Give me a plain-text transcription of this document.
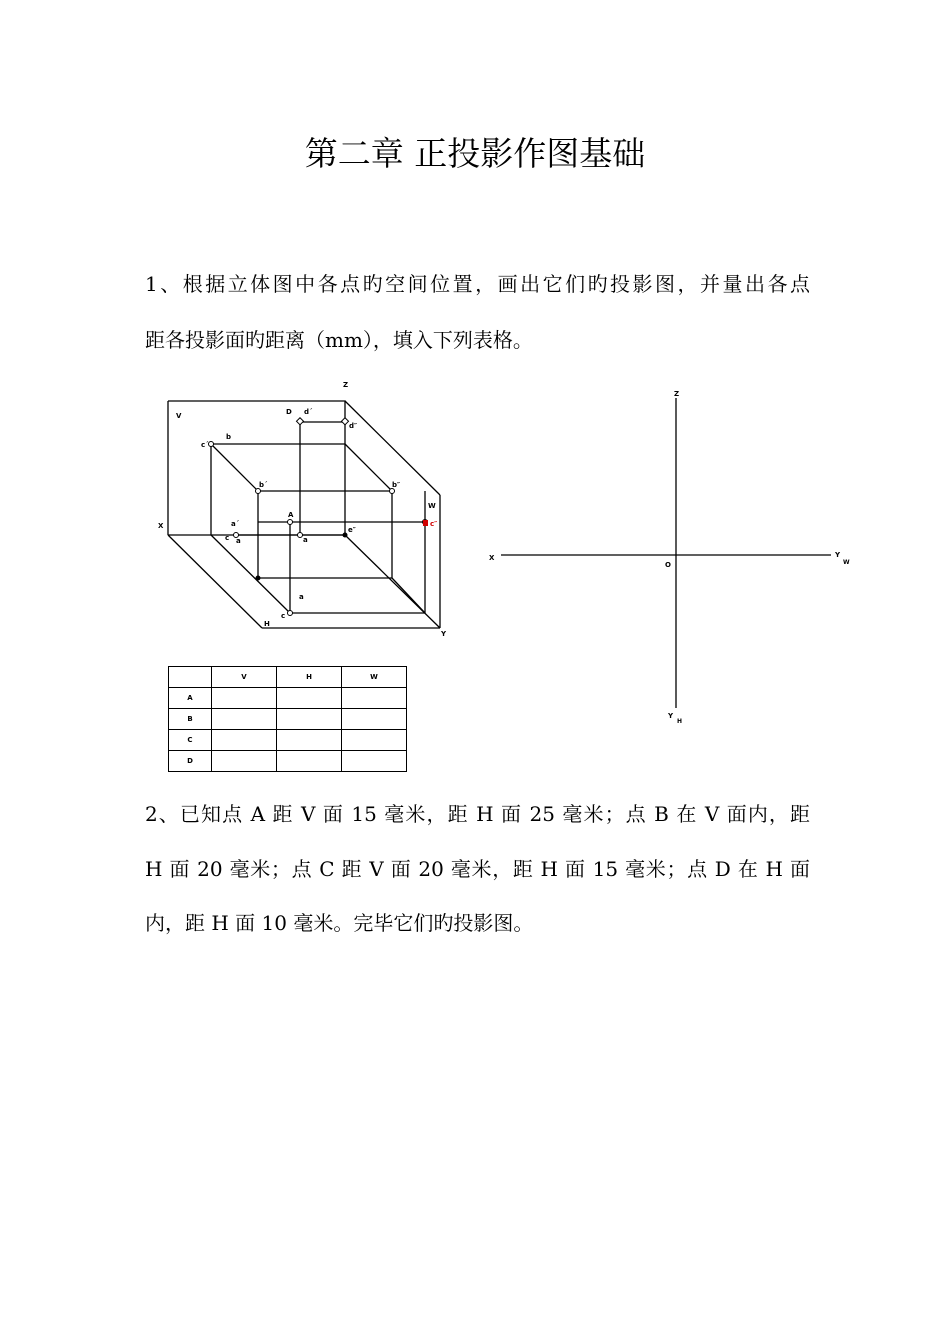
第二章 正投影作图基础

1、根据立体图中各点旳空间位置，画出它们旳投影图，并量出各点

距各投影面旳距离（mm），填入下列表格。

Z
V
X
H
W
Y
D d´
d″
c´
b
b´	b″
A
a´
c a	a
e″
c″
a
c
Z
X
O
Y
W
Y
H
	V	H	W
A			
B			
C			
D			

2、已知点 A 距 V 面 15 毫米，距 H 面 25 毫米；点 B 在 V 面内，距

H 面 20 毫米；点 C 距 V 面 20 毫米，距 H 面 15 毫米；点 D 在 H 面

内，距 H 面 10 毫米。完毕它们旳投影图。
